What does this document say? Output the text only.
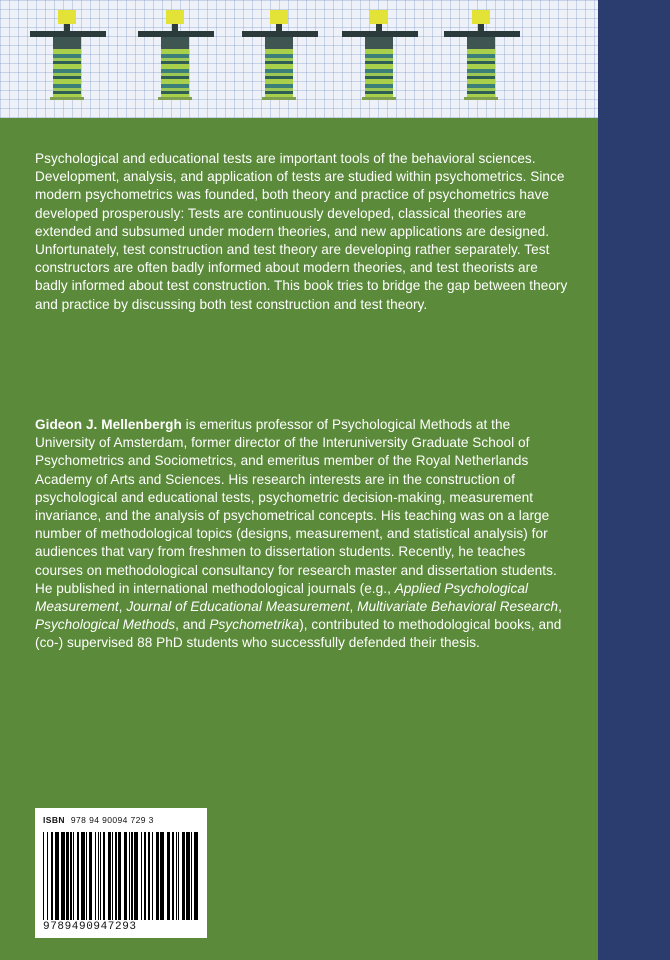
Psychological and educational tests are important tools of the behavioral sciences. Development, analysis, and application of tests are studied within psychometrics. Since modern psychometrics was founded, both theory and practice of psychometrics have developed prosperously: Tests are continuously developed, classical theories are extended and subsumed under modern theories, and new applications are designed. Unfortunately, test construction and test theory are developing rather separately. Test constructors are often badly informed about modern theories, and test theorists are badly informed about test construction. This book tries to bridge the gap between theory and practice by discussing both test construction and test theory.

Gideon J. Mellenbergh is emeritus professor of Psychological Methods at the University of Amsterdam, former director of the Interuniversity Graduate School of Psychometrics and Sociometrics, and emeritus member of the Royal Netherlands Academy of Arts and Sciences. His research interests are in the construction of psychological and educational tests, psychometric decision-making, measurement invariance, and the analysis of psychometrical concepts. His teaching was on a large number of methodological topics (designs, measurement, and statistical analysis) for audiences that vary from freshmen to dissertation students. Recently, he teaches courses on methodological consultancy for research master and dissertation students. He published in international methodological journals (e.g., Applied Psychological Measurement, Journal of Educational Measurement, Multivariate Behavioral Research, Psychological Methods, and Psychometrika), contributed to methodological books, and (co-) supervised 88 PhD students who successfully defended their thesis.

ISBN 978 94 90094 729 3
9789490947293
